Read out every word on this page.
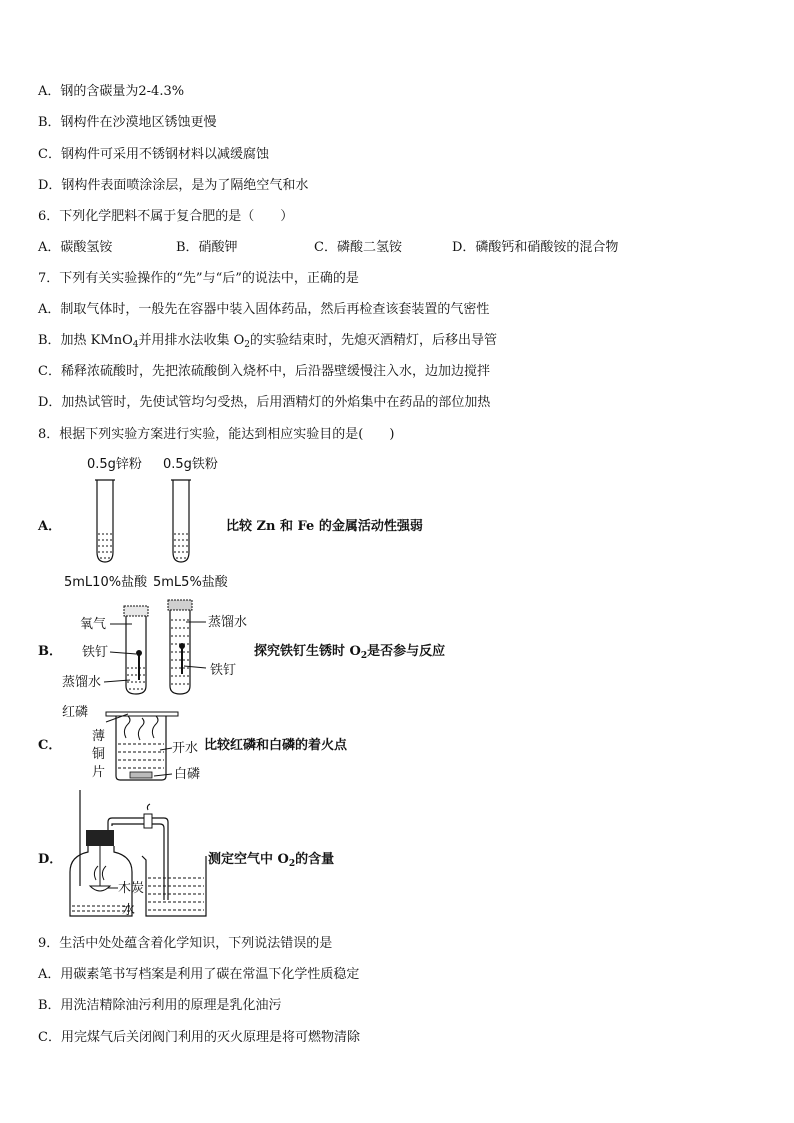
A．钢的含碳量为2-4.3%
B．钢构件在沙漠地区锈蚀更慢
C．钢构件可采用不锈钢材料以减缓腐蚀
D．钢构件表面喷涂涂层，是为了隔绝空气和水
6．下列化学肥料不属于复合肥的是（　　）
A．碳酸氢铵	B．硝酸钾	C．磷酸二氢铵	D．磷酸钙和硝酸铵的混合物
7．下列有关实验操作的“先”与“后”的说法中，正确的是
A．制取气体时，一般先在容器中装入固体药品，然后再检查该套装置的气密性
B．加热 KMnO$_4$并用排水法收集 $O_2$的实验结束时，先熄灭酒精灯，后移出导管
C．稀释浓硫酸时，先把浓硫酸倒入烧杯中，后沿器壁缓慢注入水，边加边搅拌
D．加热试管时，先使试管均匀受热，后用酒精灯的外焰集中在药品的部位加热
8．根据下列实验方案进行实验，能达到相应实验目的是(　　)
A．
0.5g锌粉 0.5g铁粉
5mL10%盐酸 5mL5%盐酸
比较 Zn 和 Fe 的金属活动性强弱
B．
氧气
铁钉
蒸馏水
蒸馏水
铁钉
探究铁钉生锈时 $O_2$是否参与反应
C．
红磷
薄
铜
片
开水
白磷
比较红磷和白磷的着火点
D．
木炭
水
测定空气中 $O_2$的含量
9．生活中处处蕴含着化学知识，下列说法错误的是
A．用碳素笔书写档案是利用了碳在常温下化学性质稳定
B．用洗洁精除油污利用的原理是乳化油污
C．用完煤气后关闭阀门利用的灭火原理是将可燃物清除
